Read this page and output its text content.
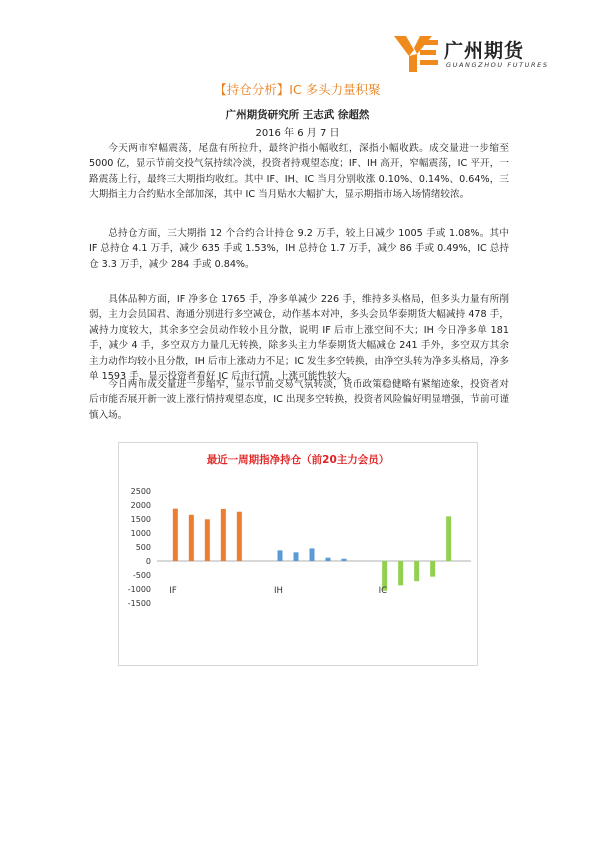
广州期货
GUANGZHOU FUTURES
【持仓分析】IC 多头力量积聚
广州期货研究所 王志武 徐超然
2016 年 6 月 7 日

今天两市窄幅震荡，尾盘有所拉升，最终沪指小幅收红，深指小幅收跌。成交量进一步缩至 5000 亿，显示节前交投气氛持续冷淡，投资者持观望态度；IF、IH 高开，窄幅震荡，IC 平开，一路震荡上行，最终三大期指均收红。其中 IF、IH、IC 当月分别收涨 0.10%、0.14%、0.64%，三大期指主力合约贴水全部加深，其中 IC 当月贴水大幅扩大，显示期指市场入场情绪较浓。

总持仓方面，三大期指 12 个合约合计持仓 9.2 万手，较上日减少 1005 手或 1.08%。其中 IF 总持仓 4.1 万手，减少 635 手或 1.53%，IH 总持仓 1.7 万手，减少 86 手或 0.49%，IC 总持仓 3.3 万手，减少 284 手或 0.84%。

具体品种方面，IF 净多仓 1765 手，净多单减少 226 手，维持多头格局，但多头力量有所削弱，主力会员国君、海通分别进行多空减仓，动作基本对冲，多头会员华泰期货大幅减持 478 手，减持力度较大，其余多空会员动作较小且分散，说明 IF 后市上涨空间不大；IH 今日净多单 181 手，减少 4 手，多空双方力量几无转换，除多头主力华泰期货大幅减仓 241 手外，多空双方其余主力动作均较小且分散，IH 后市上涨动力不足；IC 发生多空转换，由净空头转为净多头格局，净多单 1593 手，显示投资者看好 IC 后市行情，上涨可能性较大。

今日两市成交量进一步缩窄，显示节前交易气氛转淡，货币政策稳健略有紧缩迹象，投资者对后市能否展开新一波上涨行情持观望态度，IC 出现多空转换，投资者风险偏好明显增强，节前可谨慎入场。

最近一周期指净持仓（前20主力会员）
-1500
-1000
-500
0
500
1000
1500
2000
2500
IF	IH	IC
